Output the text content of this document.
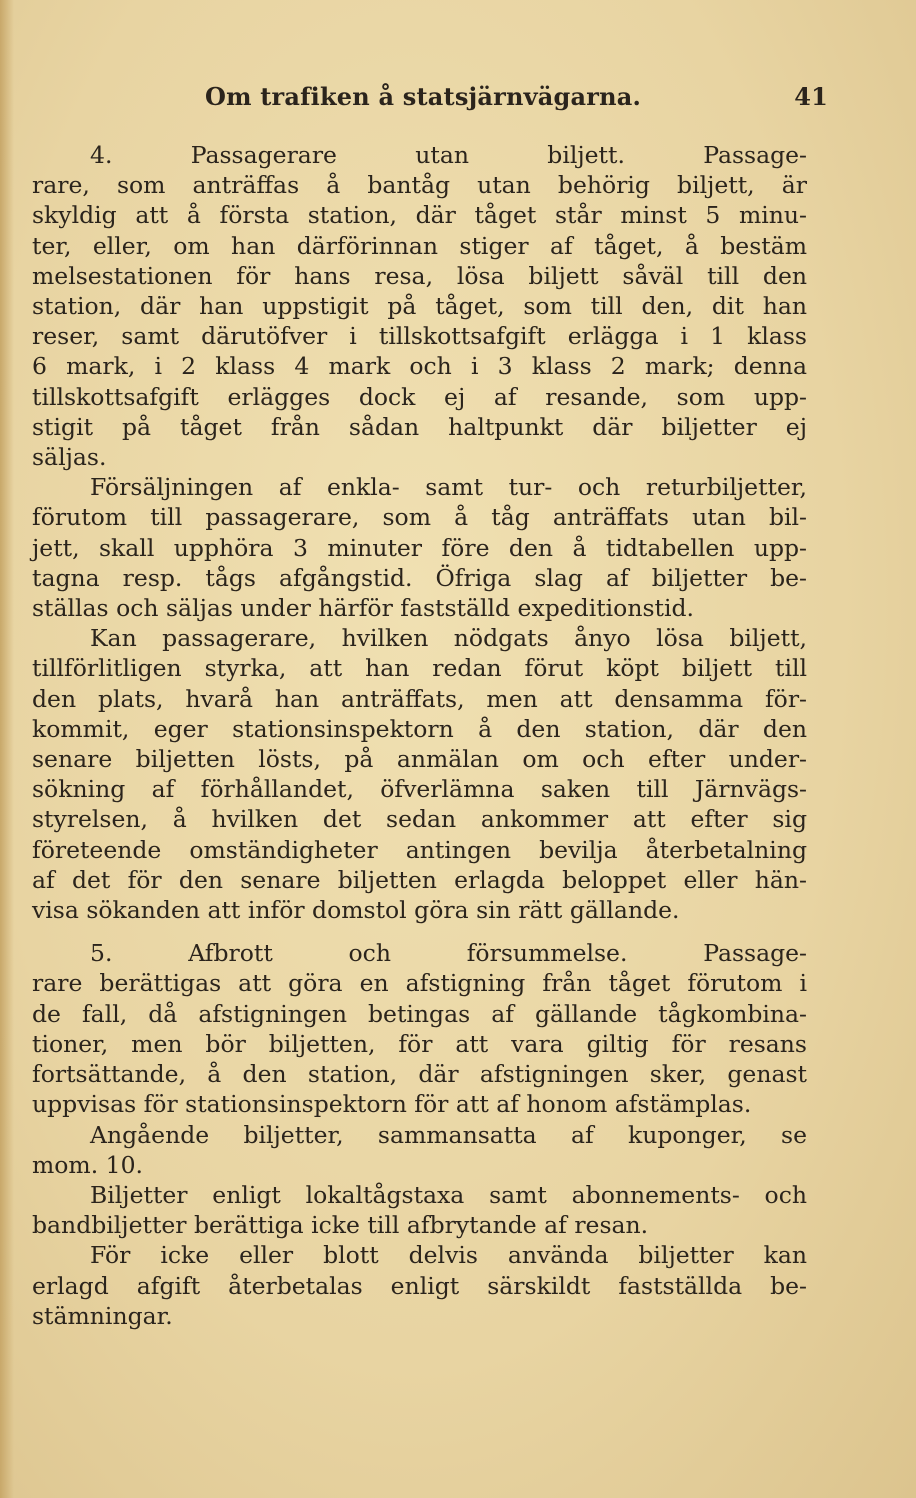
Om trafiken å statsjärnvägarna.	41

4. Passagerare utan biljett. Passage-

rare, som anträffas å bantåg utan behörig biljett, är

skyldig att å första station, där tåget står minst 5 minu-

ter, eller, om han därförinnan stiger af tåget, å bestäm

melsestationen för hans resa, lösa biljett såväl till den

station, där han uppstigit på tåget, som till den, dit han

reser, samt därutöfver i tillskottsafgift erlägga i 1 klass

6 mark, i 2 klass 4 mark och i 3 klass 2 mark; denna

tillskottsafgift erlägges dock ej af resande, som upp-

stigit på tåget från sådan haltpunkt där biljetter ej

säljas.

Försäljningen af enkla- samt tur- och returbiljetter,

förutom till passagerare, som å tåg anträffats utan bil-

jett, skall upphöra 3 minuter före den å tidtabellen upp-

tagna resp. tågs afgångstid. Öfriga slag af biljetter be-

ställas och säljas under härför fastställd expeditionstid.

Kan passagerare, hvilken nödgats ånyo lösa biljett,

tillförlitligen styrka, att han redan förut köpt biljett till

den plats, hvarå han anträffats, men att densamma för-

kommit, eger stationsinspektorn å den station, där den

senare biljetten lösts, på anmälan om och efter under-

sökning af förhållandet, öfverlämna saken till Järnvägs-

styrelsen, å hvilken det sedan ankommer att efter sig

företeende omständigheter antingen bevilja återbetalning

af det för den senare biljetten erlagda beloppet eller hän-

visa sökanden att inför domstol göra sin rätt gällande.

5. Afbrott och försummelse. Passage-

rare berättigas att göra en afstigning från tåget förutom i

de fall, då afstigningen betingas af gällande tågkombina-

tioner, men bör biljetten, för att vara giltig för resans

fortsättande, å den station, där afstigningen sker, genast

uppvisas för stationsinspektorn för att af honom afstämplas.

Angående biljetter, sammansatta af kuponger, se

mom. 10.

Biljetter enligt lokaltågstaxa samt abonnements- och

bandbiljetter berättiga icke till afbrytande af resan.

För icke eller blott delvis använda biljetter kan

erlagd afgift återbetalas enligt särskildt fastställda be-

stämningar.
